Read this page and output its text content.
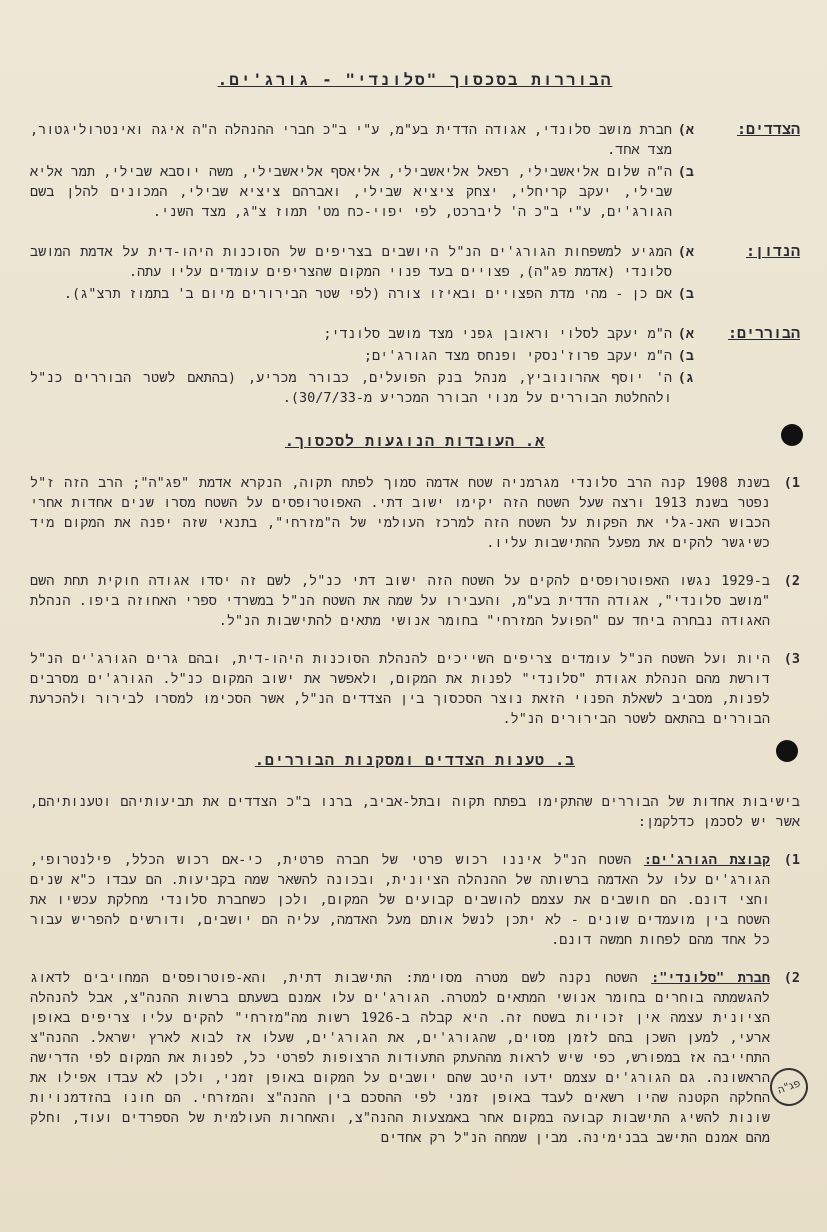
פג"ה
הבוררות בסכסוך "סלונדי" - גורג'ים.
הצדדים:
א)
חברת מושב סלונדי, אגודה הדדית בע"מ, ע"י ב"כ חברי ההנהלה ה"ה איגה ואינטרוליגטור, מצד אחד.
ב)
ה"ה שלום אליאשבילי, רפאל אליאשבילי, אליאסף אליאשבילי, משה יוסבא שבילי, תמר אליא שבילי, יעקב קריחלי, יצחק ציציא שבילי, ואברהם ציציא שבילי, המכונים להלן בשם הגורג'ים, ע"י ב"כ ה' ליברכט, לפי יפוי-כח מט' תמוז צ"ג, מצד השני.
הנדון:
א)
המגיע למשפחות הגורג'ים הנ"ל היושבים בצריפים של הסוכנות היהו-דית על אדמת המושב סלונדי (אדמת פג"ה), פצויים בעד פנוי המקום שהצריפים עומדים עליו עתה.
ב)
אם כן - מהי מדת הפצויים ובאיזו צורה (לפי שטר הבירורים מיום ב' בתמוז תרצ"ג).
הבוררים:
א)
ה"מ יעקב לסלוי וראובן גפני מצד מושב סלונדי;
ב)
ה"מ יעקב פרוז'נסקי ופנחס מצד הגורג'ים;
ג)
ה' יוסף אהרונוביץ, מנהל בנק הפועלים, כבורר מכריע, (בהתאם לשטר הבוררים כנ"ל ולהחלטת הבוררים על מנוי הבורר המכריע מ-30/7/33).
א. העובדות הנוגעות לסכסוך.
1)
בשנת 1908 קנה הרב סלונדי מגרמניה שטח אדמה סמוך לפתח תקוה, הנקרא אדמת "פג"ה"; הרב הזה ז"ל נפטר בשנת 1913 ורצה שעל השטח הזה יקימו ישוב דתי. האפוטרופסים על השטח מסרו שנים אחדות אחרי הכבוש האנ-גלי את הפקות על השטח הזה למרכז העולמי של ה"מזרחי", בתנאי שזה יפנה את המקום מיד כשיגשר להקים את מפעל ההתישבות עליו.
2)
ב-1929 נגשו האפוטרופסים להקים על השטח הזה ישוב דתי כנ"ל, לשם זה יסדו אגודה חוקית תחת השם "מושב סלונדי", אגודה הדדית בע"מ, והעבירו על שמה את השטח הנ"ל במשרדי ספרי האחוזה ביפו. הנהלת האגודה נבחרה ביחד עם "הפועל המזרחי" בחומר אנושי מתאים להתישבות הנ"ל.
3)
היות ועל השטח הנ"ל עומדים צריפים השייכים להנהלת הסוכנות היהו-דית, ובהם גרים הגורג'ים הנ"ל דורשת מהם הנהלת אגודת "סלונדי" לפנות את המקום, ולאפשר את ישוב המקום כנ"ל. הגורג'ים מסרבים לפנות, מסביב לשאלת הפנוי הזאת נוצר הסכסוך בין הצדדים הנ"ל, אשר הסכימו למסרו לבירור ולהכרעת הבוררים בהתאם לשטר הבירורים הנ"ל.
ב. טענות הצדדים ומסקנות הבוררים.
בישיבות אחדות של הבוררים שהתקימו בפתח תקוה ובתל-אביב, ברנו ב"כ הצדדים את תביעותיהם וטענותיהם, אשר יש לסכמן כדלקמן:
1)
קבוצת הגורג'ים: השטח הנ"ל איננו רכוש פרטי של חברה פרטית, כי-אם רכוש הכלל, פילנטרופי, הגורג'ים עלו על האדמה ברשותה של ההנהלה הציונית, ובכונה להשאר שמה בקביעות. הם עבדו כ"א שנים וחצי דונם. הם חושבים את עצמם להושבים קבועים של המקום, ולכן כשחברת סלונדי מחלקת עכשיו את השטח בין מועמדים שונים - לא יתכן לנשל אותם מעל האדמה, עליה הם יושבים, ודורשים להפריש עבור כל אחד מהם לפחות חמשה דונם.
2)
חברת "סלונדי": השטח נקנה לשם מטרה מסוימת: התישבות דתית, והא-פוטרופסים המחויבים לדאוג להגשמתה בוחרים בחומר אנושי המתאים למטרה. הגורג'ים עלו אמנם בשעתם ברשות ההנה"צ, אבל להנהלה הציונית עצמה אין זכויות בשטח זה. היא קבלה ב-1926 רשות מה"מזרחי" להקים עליו צריפים באופן ארעי, למען השכן בהם לזמן מסוים, שהגורג'ים, את הגורג'ים, שעלו אז לבוא לארץ ישראל. ההנה"צ התחייבה אז במפורש, כפי שיש לראות מההעתק התעודות הרצופות לפרטי כל, לפנות את המקום לפי הדרישה הראשונה. גם הגורג'ים עצמם ידעו היטב שהם יושבים על המקום באופן זמני, ולכן לא עבדו אפילו את החלקה הקטנה שהיו רשאים לעבד באופן זמני לפי ההסכם בין ההנה"צ והמזרחי. הם חונו בהזדמנויות שונות להשיג התישבות קבועה במקום אחר באמצעות ההנה"צ, והאחרות העולמית של הספרדים ועוד, וחלק מהם אמנם התישב בבנימינה. מבין שמחה הנ"ל רק אחדים
